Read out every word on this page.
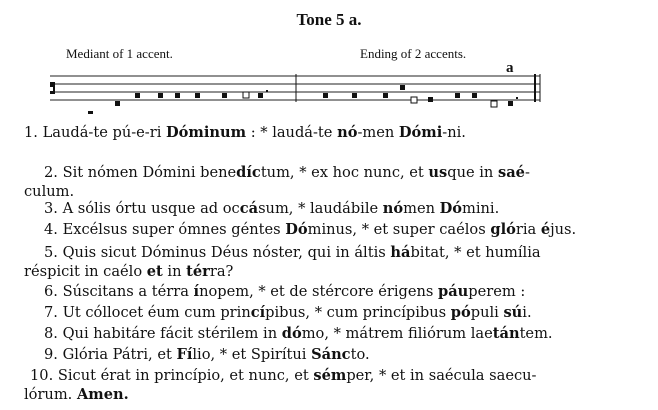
Tone 5 a.
Mediant of 1 accent.	Ending of 2 accents.
a
1. Laudá-te pú-e-ri Dóminum : * laudá-te nó-men Dómi-ni.
2. Sit nómen Dómini benedíctum, * ex hoc nunc, et usque in saé-
culum.
3. A sólis órtu usque ad occásum, * laudábile nómen Dómini.
4. Excélsus super ómnes géntes Dóminus, * et super caélos glória éjus.
5. Quis sicut Dóminus Déus nóster, qui in áltis hábitat, * et humília
réspicit in caélo et in térra?
6. Súscitans a térra ínopem, * et de stércore érigens páuperem :
7. Ut cóllocet éum cum princípibus, * cum princípibus pópuli súi.
8. Qui habitáre fácit stérilem in dómo, * mátrem filiórum laetántem.
9. Glória Pátri, et Fílio, * et Spirítui Sáncto.
10. Sicut érat in princípio, et nunc, et sémper, * et in saécula saecu-
lórum. Amen.
